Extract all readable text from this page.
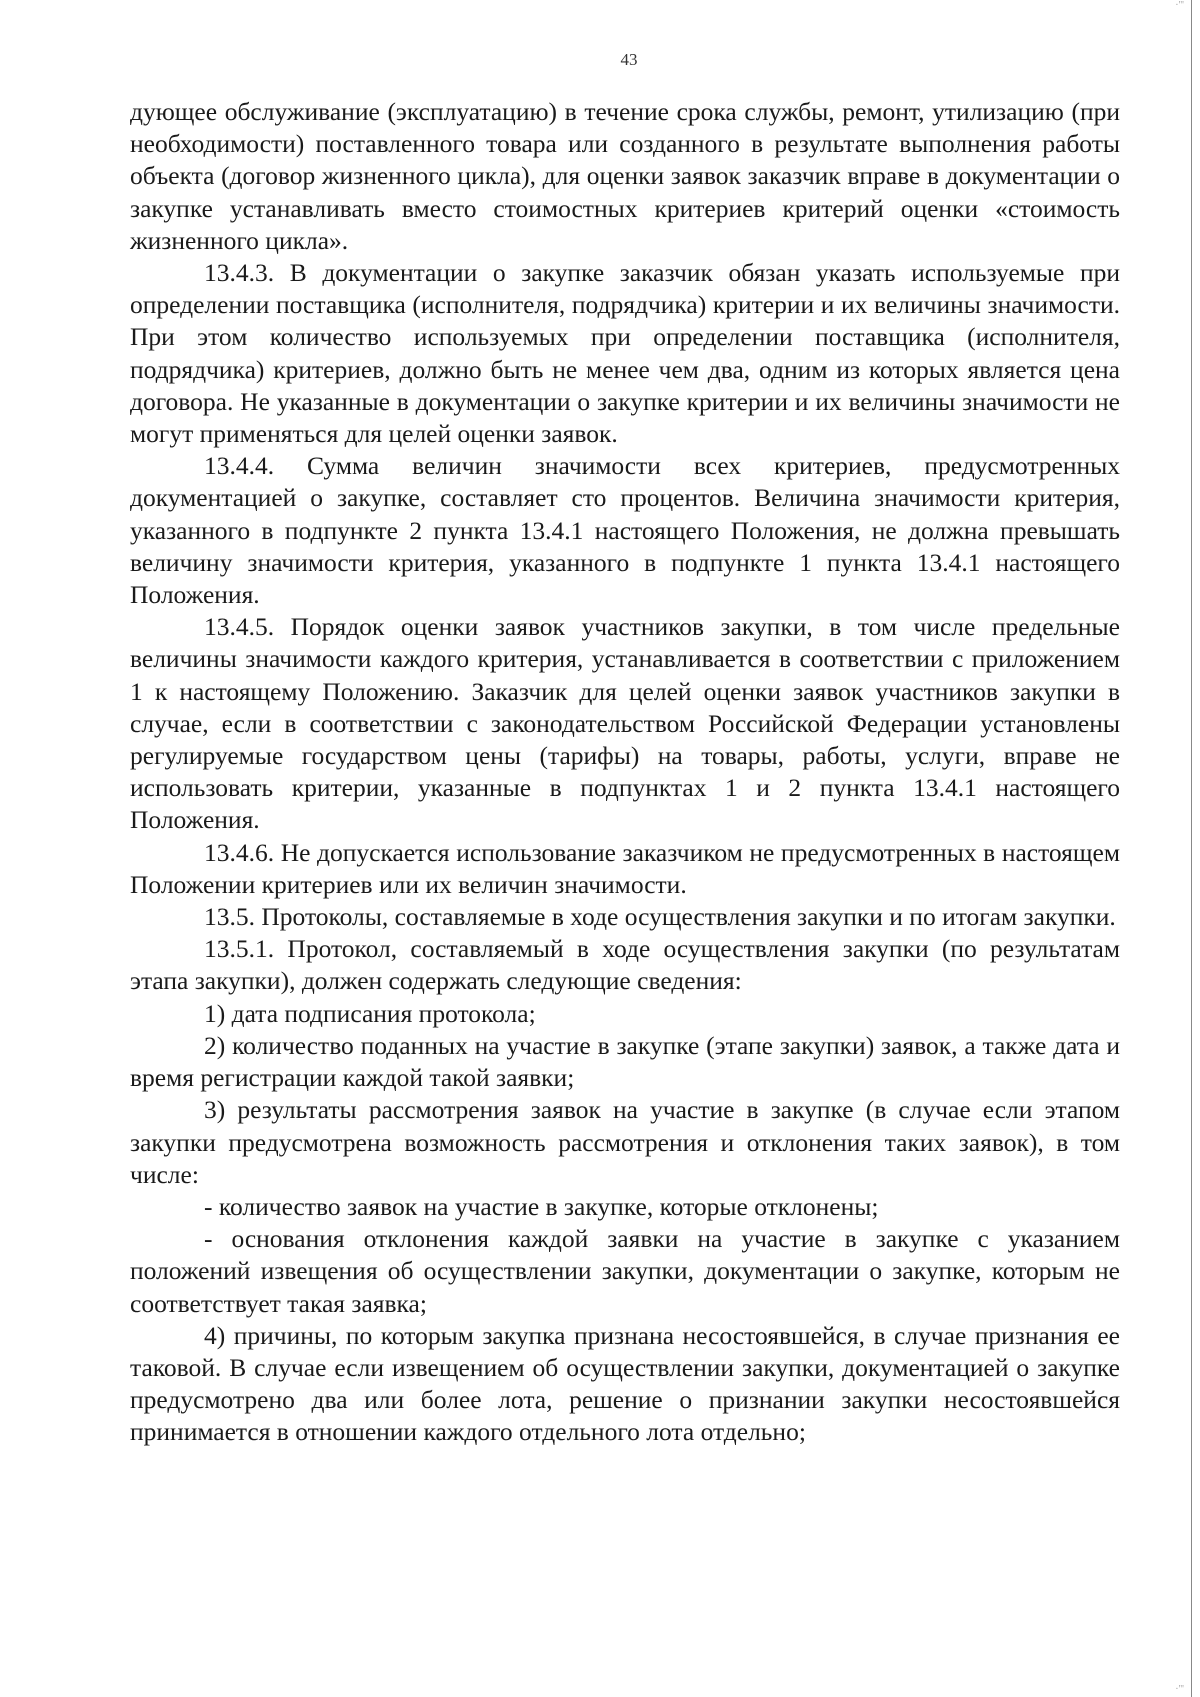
·'''
·'''
43

дующее обслуживание (эксплуатацию) в течение срока службы, ремонт, утилизацию (при необходимости) поставленного товара или созданного в результате выполнения работы объекта (договор жизненного цикла), для оценки заявок заказчик вправе в документации о закупке устанавливать вместо стоимостных критериев критерий оценки «стоимость жизненного цикла».

13.4.3. В документации о закупке заказчик обязан указать используемые при определении поставщика (исполнителя, подрядчика) критерии и их величины значимости. При этом количество используемых при определении поставщика (исполнителя, подрядчика) критериев, должно быть не менее чем два, одним из которых является цена договора. Не указанные в документации о закупке критерии и их величины значимости не могут применяться для целей оценки заявок.

13.4.4. Сумма величин значимости всех критериев, предусмотренных документацией о закупке, составляет сто процентов. Величина значимости критерия, указанного в подпункте 2 пункта 13.4.1 настоящего Положения, не должна превышать величину значимости критерия, указанного в подпункте 1 пункта 13.4.1 настоящего Положения.

13.4.5. Порядок оценки заявок участников закупки, в том числе предельные величины значимости каждого критерия, устанавливается в соответствии с приложением 1 к настоящему Положению. Заказчик для целей оценки заявок участников закупки в случае, если в соответствии с законодательством Российской Федерации установлены регулируемые государством цены (тарифы) на товары, работы, услуги, вправе не использовать критерии, указанные в подпунктах 1 и 2 пункта 13.4.1 настоящего Положения.

13.4.6. Не допускается использование заказчиком не предусмотренных в настоящем Положении критериев или их величин значимости.

13.5. Протоколы, составляемые в ходе осуществления закупки и по итогам закупки.

13.5.1. Протокол, составляемый в ходе осуществления закупки (по результатам этапа закупки), должен содержать следующие сведения:

1) дата подписания протокола;

2) количество поданных на участие в закупке (этапе закупки) заявок, а также дата и время регистрации каждой такой заявки;

3) результаты рассмотрения заявок на участие в закупке (в случае если этапом закупки предусмотрена возможность рассмотрения и отклонения таких заявок), в том числе:

- количество заявок на участие в закупке, которые отклонены;

- основания отклонения каждой заявки на участие в закупке с указанием положений извещения об осуществлении закупки, документации о закупке, которым не соответствует такая заявка;

4) причины, по которым закупка признана несостоявшейся, в случае признания ее таковой. В случае если извещением об осуществлении закупки, документацией о закупке предусмотрено два или более лота, решение о признании закупки несостоявшейся принимается в отношении каждого отдельного лота отдельно;
